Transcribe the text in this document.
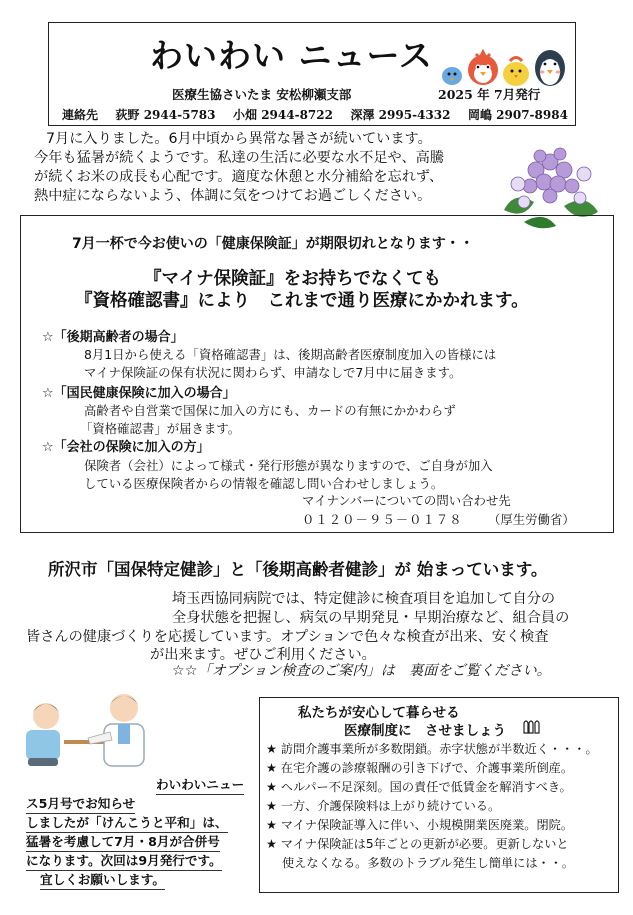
わいわい ニュース
医療生協さいたま 安松柳瀬支部	2025 年 7月発行
連絡先 荻野 2944-5783 小畑 2944-8722 深澤 2995-4332 岡嶋 2907-8984
7月に入りました。6月中頃から異常な暑さが続いています。
今年も猛暑が続くようです。私達の生活に必要な水不足や、高騰
が続くお米の成長も心配です。適度な休憩と水分補給を忘れず、
熱中症にならないよう、体調に気をつけてお過ごしください。
7月一杯で今お使いの「健康保険証」が期限切れとなります・・
『マイナ保険証』をお持ちでなくても
『資格確認書』により　これまで通り医療にかかれます。
☆「後期高齢者の場合」
8月1日から使える「資格確認書」は、後期高齢者医療制度加入の皆様には
マイナ保険証の保有状況に関わらず、申請なしで7月中に届きます。
☆「国民健康保険に加入の場合」
高齢者や自営業で国保に加入の方にも、カードの有無にかかわらず
「資格確認書」が届きます。
☆「会社の保険に加入の方」
保険者（会社）によって様式・発行形態が異なりますので、ご自身が加入
している医療保険者からの情報を確認し問い合わせしましょう。
マイナンバーについての問い合わせ先
０１２０－９５－０１７８ （厚生労働省）
所沢市「国保特定健診」と「後期高齢者健診」が 始まっています。
埼玉西協同病院では、特定健診に検査項目を追加して自分の
全身状態を把握し、病気の早期発見・早期治療など、組合員の
皆さんの健康づくりを応援しています。オプションで色々な検査が出来、安く検査
が出来ます。ぜひご利用ください。
☆☆「オプション検査のご案内」は　裏面をご覧ください。
私たちが安心して暮らせる
医療制度に　させましょう
★ 訪問介護事業所が多数閉鎖。赤字状態が半数近く・・・。
★ 在宅介護の診療報酬の引き下げで、介護事業所倒産。
★ ヘルパー不足深刻。国の責任で低賃金を解消すべき。
★ 一方、介護保険料は上がり続けている。
★ マイナ保険証導入に伴い、小規模開業医廃業。閉院。
★ マイナ保険証は5年ごとの更新が必要。更新しないと
　 使えなくなる。多数のトラブル発生し簡単には・・。
わいわいニュー
ス5月号でお知らせ
しましたが「けんこうと平和」は、
猛暑を考慮して7月・8月が合併号
になります。次回は9月発行です。
宜しくお願いします。
